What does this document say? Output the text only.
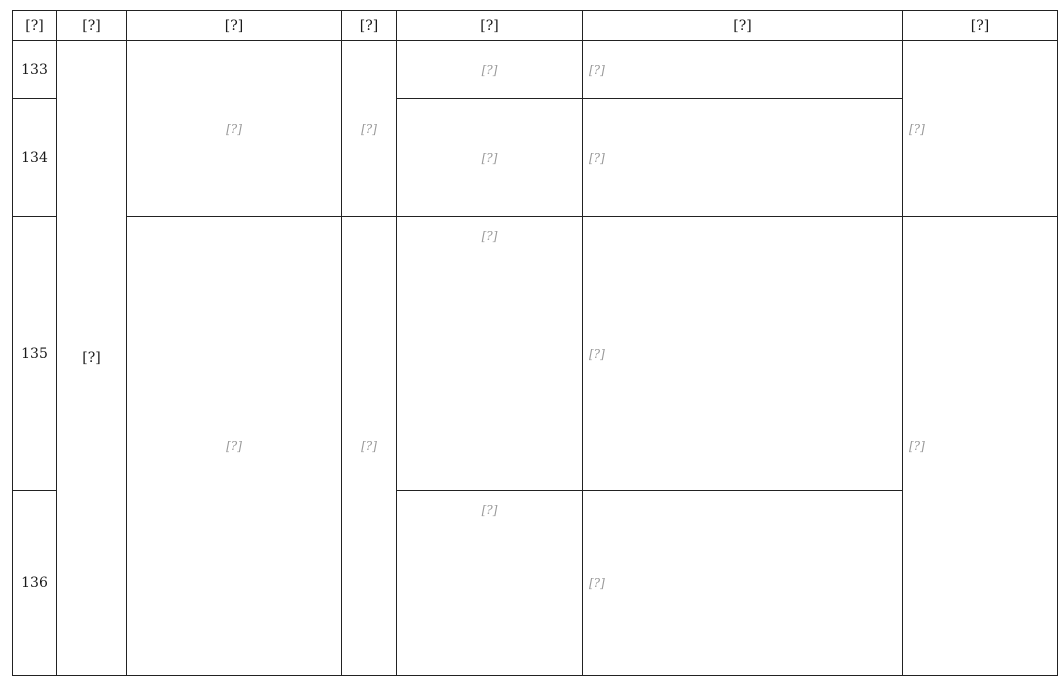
[?]	[?]	[?]	[?]	[?]	[?]	[?]
133	[?]	[?]	[?]	[?]	[?]	[?]
134				[?]	[?]	
135		[?]	[?]	[?]	[?]	[?]
136				[?]	[?]	
